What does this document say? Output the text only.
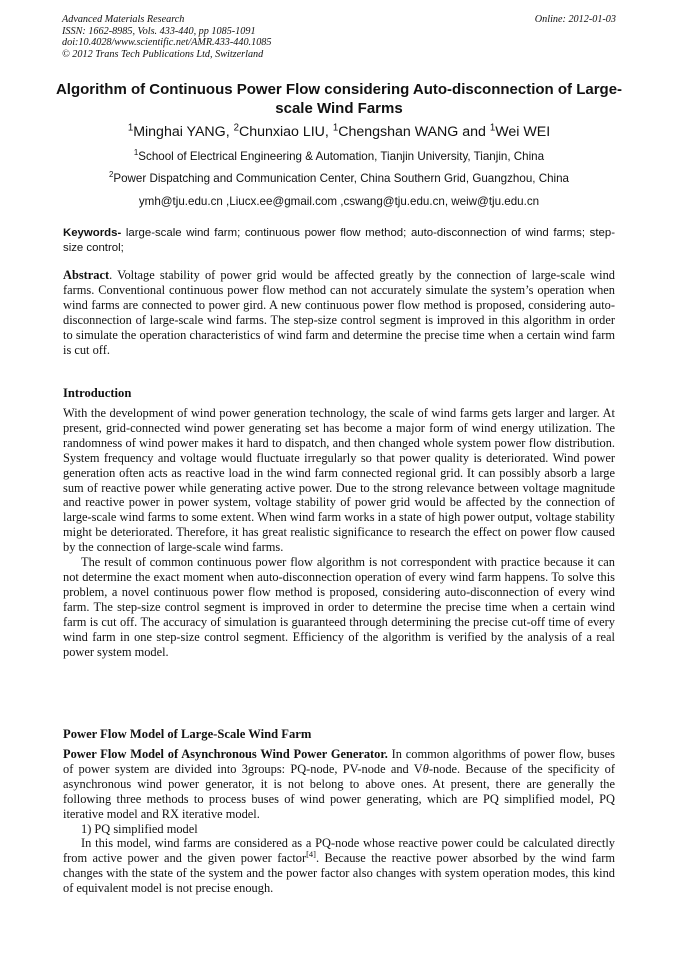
Advanced Materials Research
ISSN: 1662-8985, Vols. 433-440, pp 1085-1091
doi:10.4028/www.scientific.net/AMR.433-440.1085
© 2012 Trans Tech Publications Ltd, Switzerland
Online: 2012-01-03
Algorithm of Continuous Power Flow considering Auto-disconnection of Large-scale Wind Farms
$^1$Minghai YANG, $^2$Chunxiao LIU, $^1$Chengshan WANG and $^1$Wei WEI
$^1$School of Electrical Engineering & Automation, Tianjin University, Tianjin, China
$^2$Power Dispatching and Communication Center, China Southern Grid, Guangzhou, China
ymh@tju.edu.cn ,Liucx.ee@gmail.com ,cswang@tju.edu.cn, weiw@tju.edu.cn
Keywords- large-scale wind farm; continuous power flow method; auto-disconnection of wind farms; step-size control;

Abstract. Voltage stability of power grid would be affected greatly by the connection of large-scale wind farms. Conventional continuous power flow method can not accurately simulate the system’s operation when wind farms are connected to power gird. A new continuous power flow method is proposed, considering auto-disconnection of large-scale wind farms. The step-size control segment is improved in this algorithm in order to simulate the operation characteristics of wind farm and determine the precise time when a certain wind farm is cut off.

Introduction

With the development of wind power generation technology, the scale of wind farms gets larger and larger. At present, grid-connected wind power generating set has become a major form of wind energy utilization. The randomness of wind power makes it hard to dispatch, and then changed whole system power flow distribution. System frequency and voltage would fluctuate irregularly so that power quality is deteriorated. Wind power generation often acts as reactive load in the wind farm connected regional grid. It can possibly absorb a large sum of reactive power while generating active power. Due to the strong relevance between voltage magnitude and reactive power in power system, voltage stability of power grid would be affected by the connection of large-scale wind farms to some extent. When wind farm works in a state of high power output, voltage stability might be deteriorated. Therefore, it has great realistic significance to research the effect on power flow caused by the connection of large-scale wind farms.

The result of common continuous power flow algorithm is not correspondent with practice because it can not determine the exact moment when auto-disconnection operation of every wind farm happens. To solve this problem, a novel continuous power flow method is proposed, considering auto-disconnection of every wind farm. The step-size control segment is improved in order to determine the precise time when a certain wind farm is cut off. The accuracy of simulation is guaranteed through determining the precise cut-off time of every wind farm in one step-size control segment. Efficiency of the algorithm is verified by the analysis of a real power system model.

Power Flow Model of Large-Scale Wind Farm

Power Flow Model of Asynchronous Wind Power Generator. In common algorithms of power flow, buses of power system are divided into 3groups: PQ-node, PV-node and Vθ-node. Because of the specificity of asynchronous wind power generator, it is not belong to above ones. At present, there are generally the following three methods to process buses of wind power generating, which are PQ simplified model, PQ iterative model and RX iterative model.

1) PQ simplified model

In this model, wind farms are considered as a PQ-node whose reactive power could be calculated directly from active power and the given power factor[4]. Because the reactive power absorbed by the wind farm changes with the state of the system and the power factor also changes with system operation modes, this kind of equivalent model is not precise enough.
